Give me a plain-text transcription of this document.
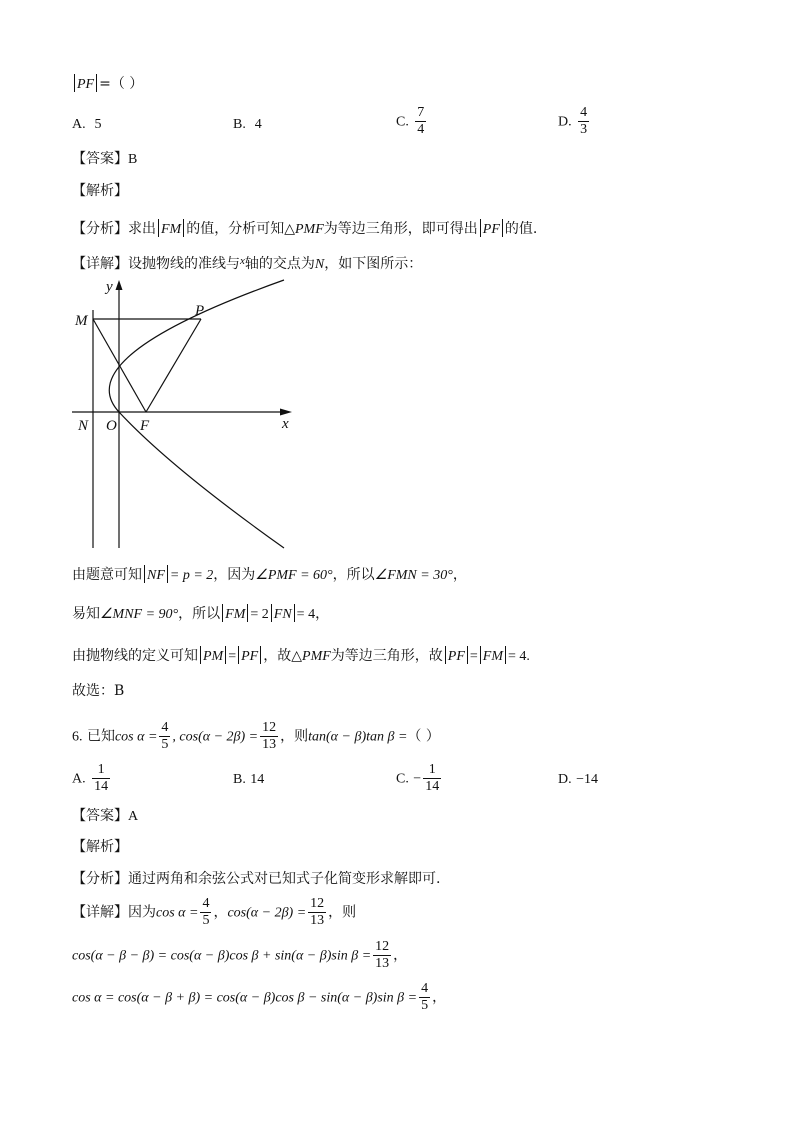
PF =（ ）
A. 5	B. 4	C. $\frac{7}{4}$	D. $\frac{4}{3}$
【答案】B
【解析】
【分析】求出 FM 的值，分析可知△PMF为等边三角形，即可得出 PF 的值.
【详解】设抛物线的准线与$^x$轴的交点为N，如下图所示：
y
x
M
P
N O F
由题意可知 NF = p = 2，因为∠PMF = 60°，所以∠FMN = 30°，
易知∠MNF = 90°，所以 FM = 2 FN = 4，
由抛物线的定义可知 PM = PF ，故△PMF为等边三角形，故 PF = FM = 4.
故选：B
6. 已知$\cos \alpha = \frac{4}{5}$ , $\cos(\alpha - 2\beta) = \frac{12}{13}$ ，则tan(α − β)tan β =（ ）
A. $\frac{1}{14}$	B. 14	C. − $\frac{1}{14}$	D. −14
【答案】A
【解析】
【分析】通过两角和余弦公式对已知式子化简变形求解即可.
【详解】因为$\cos \alpha = \frac{4}{5}$ ，$\cos(\alpha - 2\beta) = \frac{12}{13}$ ，则
cos(α − β − β) = cos(α − β)cos β + sin(α − β)sin $\beta = \frac{12}{13}$ ，
cos α = cos(α − β + β) = cos(α − β)cos β − sin(α − β)sin $\beta = \frac{4}{5}$ ，
